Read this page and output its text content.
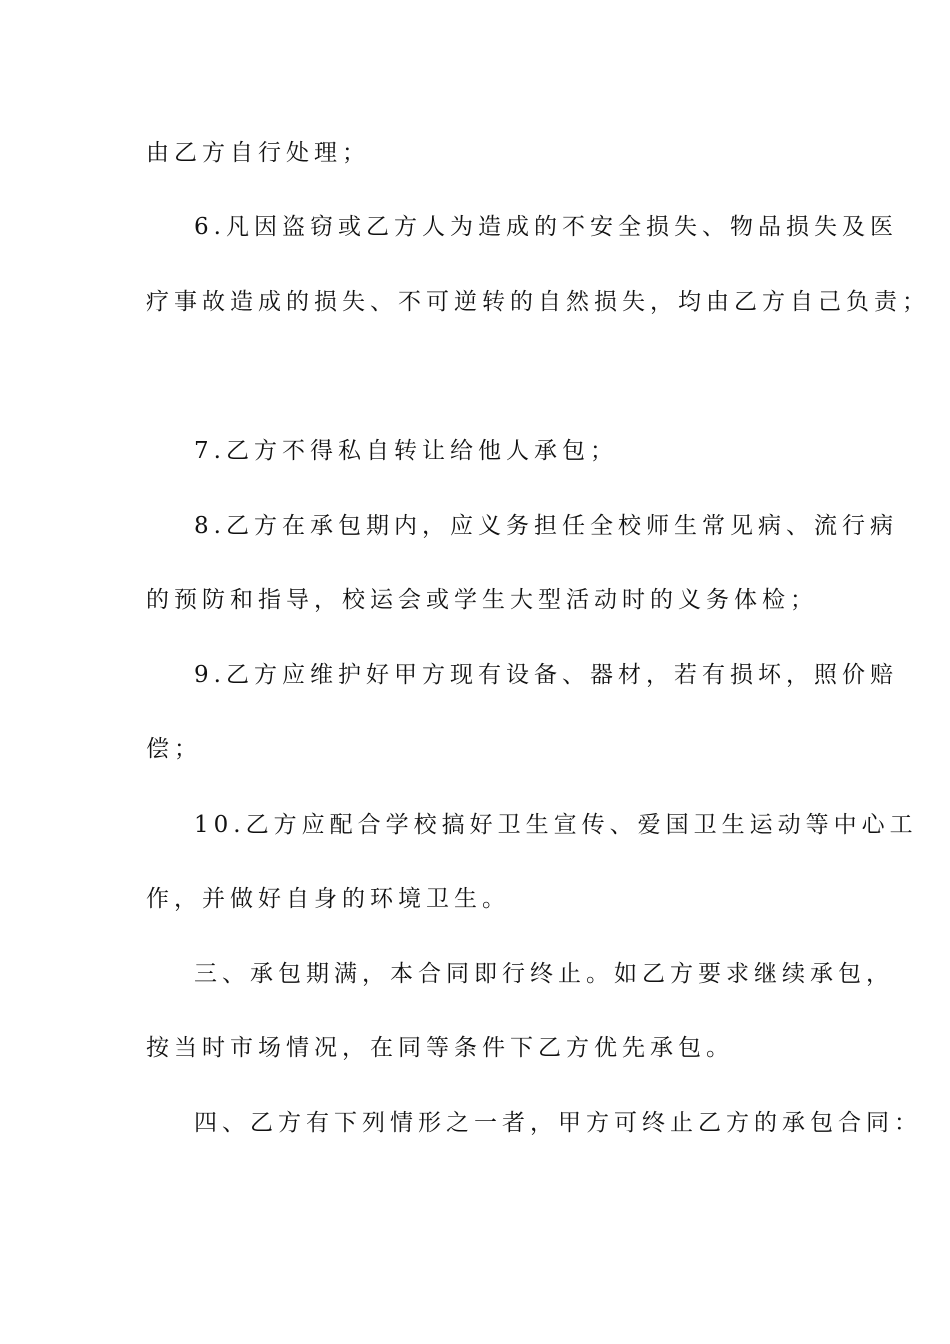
由乙方自行处理；
6.凡因盗窃或乙方人为造成的不安全损失、物品损失及医
疗事故造成的损失、不可逆转的自然损失，均由乙方自己负责；
7.乙方不得私自转让给他人承包；
8.乙方在承包期内，应义务担任全校师生常见病、流行病
的预防和指导，校运会或学生大型活动时的义务体检；
9.乙方应维护好甲方现有设备、器材，若有损坏，照价赔
偿；
10.乙方应配合学校搞好卫生宣传、爱国卫生运动等中心工
作，并做好自身的环境卫生。
三、承包期满，本合同即行终止。如乙方要求继续承包，
按当时市场情况，在同等条件下乙方优先承包。
四、乙方有下列情形之一者，甲方可终止乙方的承包合同：
